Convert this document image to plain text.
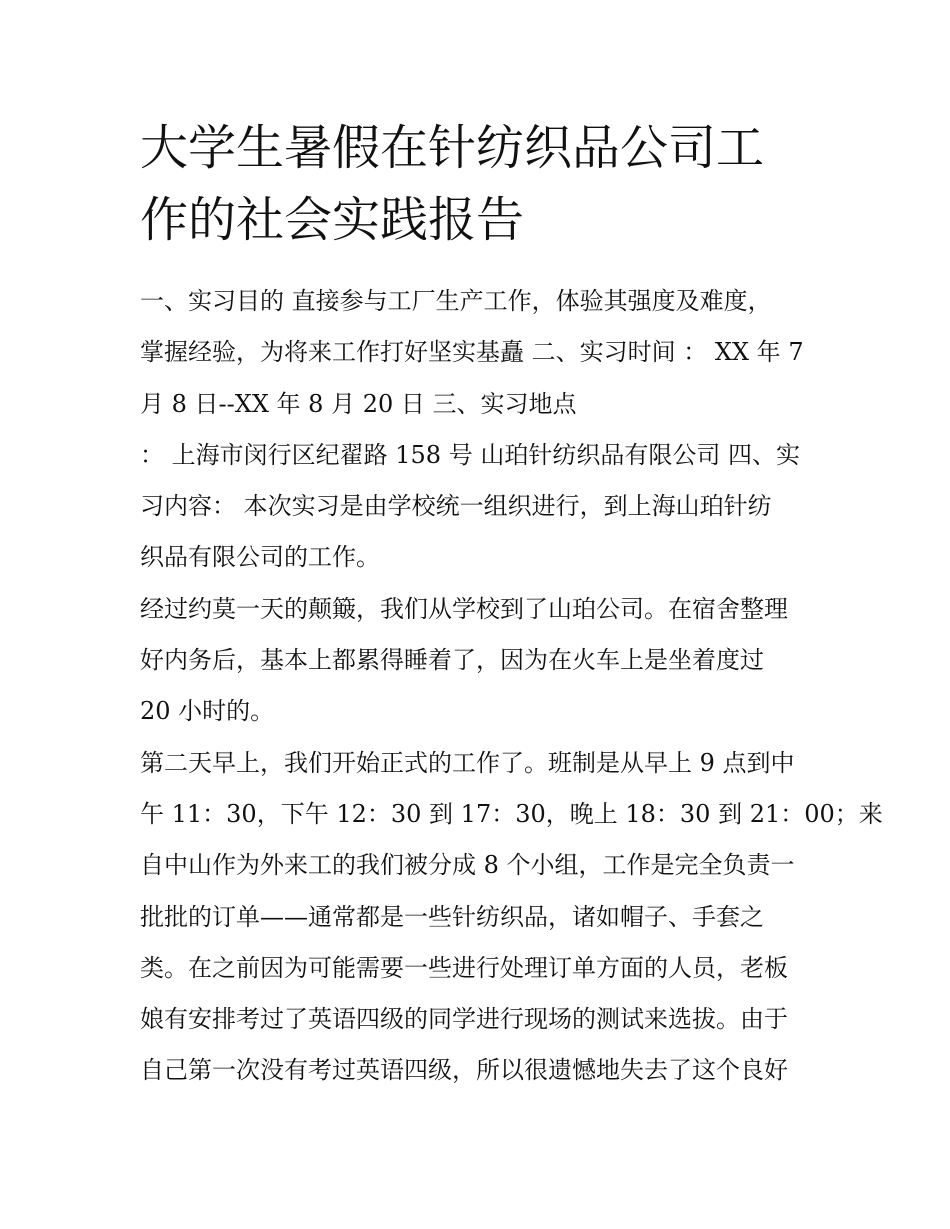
大学生暑假在针纺织品公司工
作的社会实践报告

一、实习目的 直接参与工厂生产工作，体验其强度及难度，
掌握经验，为将来工作打好坚实基矗 二、实习时间 ： XX 年 7
月 8 日--XX 年 8 月 20 日 三、实习地点
： 上海市闵行区纪翟路 158 号 山珀针纺织品有限公司 四、实
习内容： 本次实习是由学校统一组织进行，到上海山珀针纺
织品有限公司的工作。

经过约莫一天的颠簸，我们从学校到了山珀公司。在宿舍整理
好内务后，基本上都累得睡着了，因为在火车上是坐着度过
20 小时的。

第二天早上，我们开始正式的工作了。班制是从早上 9 点到中
午 11：30，下午 12：30 到 17：30，晚上 18：30 到 21：00；来
自中山作为外来工的我们被分成 8 个小组，工作是完全负责一
批批的订单——通常都是一些针纺织品，诸如帽子、手套之
类。在之前因为可能需要一些进行处理订单方面的人员，老板
娘有安排考过了英语四级的同学进行现场的测试来选拔。由于
自己第一次没有考过英语四级，所以很遗憾地失去了这个良好
